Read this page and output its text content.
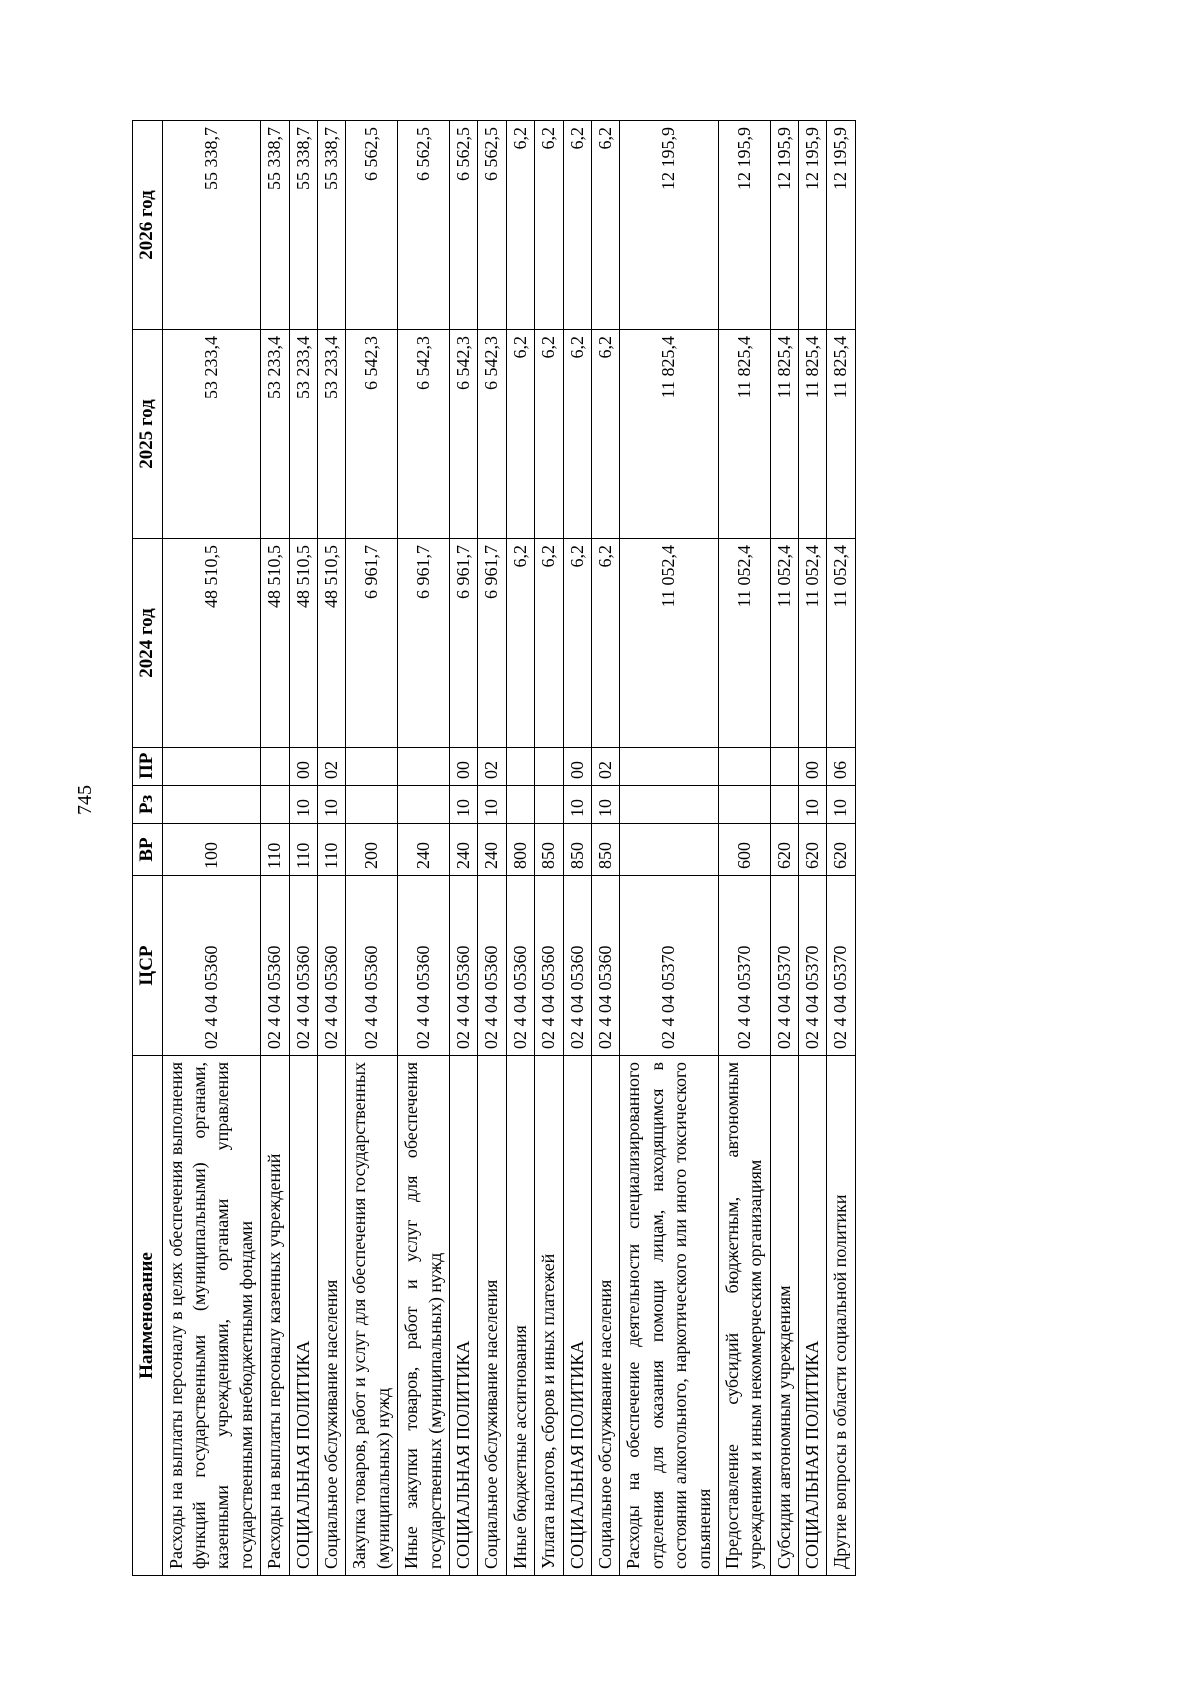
745
Наименование	ЦСР	ВР	Рз	ПР	2024 год	2025 год	2026 год
Расходы на выплаты персоналу в целях обеспечения выполнения функций государственными (муниципальными) органами, казенными учреждениями, органами управления государственными внебюджетными фондами	02 4 04 05360	100			48 510,5	53 233,4	55 338,7
Расходы на выплаты персоналу казенных учреждений	02 4 04 05360	110			48 510,5	53 233,4	55 338,7
СОЦИАЛЬНАЯ ПОЛИТИКА	02 4 04 05360	110	10	00	48 510,5	53 233,4	55 338,7
Социальное обслуживание населения	02 4 04 05360	110	10	02	48 510,5	53 233,4	55 338,7
Закупка товаров, работ и услуг для обеспечения государственных (муниципальных) нужд	02 4 04 05360	200			6 961,7	6 542,3	6 562,5
Иные закупки товаров, работ и услуг для обеспечения государственных (муниципальных) нужд	02 4 04 05360	240			6 961,7	6 542,3	6 562,5
СОЦИАЛЬНАЯ ПОЛИТИКА	02 4 04 05360	240	10	00	6 961,7	6 542,3	6 562,5
Социальное обслуживание населения	02 4 04 05360	240	10	02	6 961,7	6 542,3	6 562,5
Иные бюджетные ассигнования	02 4 04 05360	800			6,2	6,2	6,2
Уплата налогов, сборов и иных платежей	02 4 04 05360	850			6,2	6,2	6,2
СОЦИАЛЬНАЯ ПОЛИТИКА	02 4 04 05360	850	10	00	6,2	6,2	6,2
Социальное обслуживание населения	02 4 04 05360	850	10	02	6,2	6,2	6,2
Расходы на обеспечение деятельности специализированного отделения для оказания помощи лицам, находящимся в состоянии алкогольного, наркотического или иного токсического опьянения	02 4 04 05370				11 052,4	11 825,4	12 195,9
Предоставление субсидий бюджетным, автономным учреждениям и иным некоммерческим организациям	02 4 04 05370	600			11 052,4	11 825,4	12 195,9
Субсидии автономным учреждениям	02 4 04 05370	620			11 052,4	11 825,4	12 195,9
СОЦИАЛЬНАЯ ПОЛИТИКА	02 4 04 05370	620	10	00	11 052,4	11 825,4	12 195,9
Другие вопросы в области социальной политики	02 4 04 05370	620	10	06	11 052,4	11 825,4	12 195,9
